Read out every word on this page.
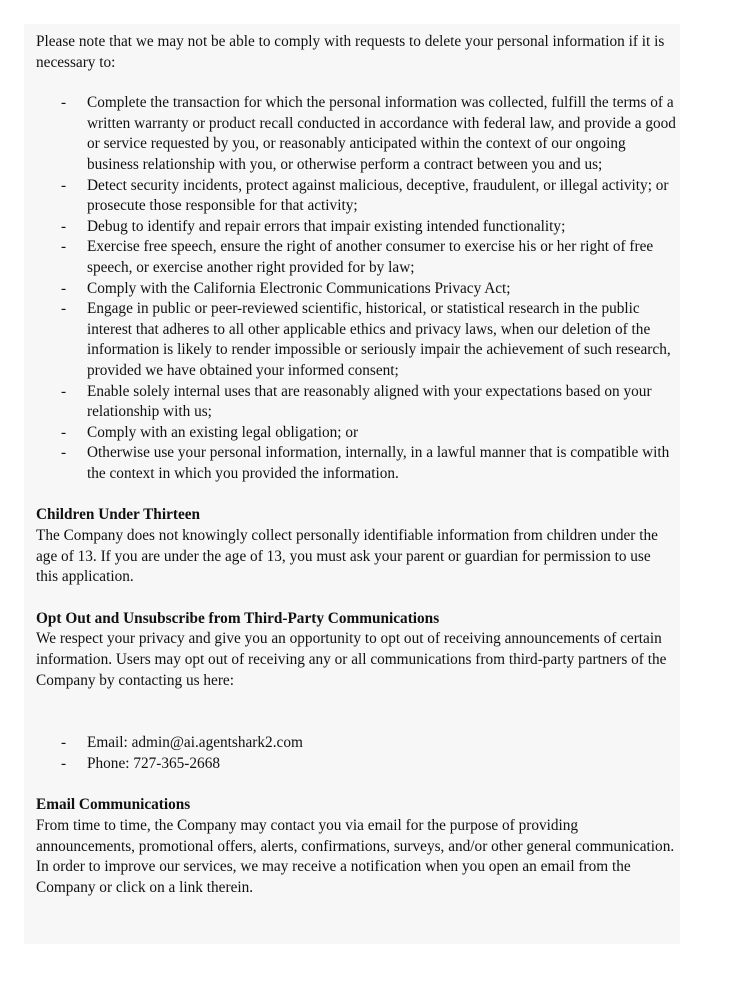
Please note that we may not be able to comply with requests to delete your personal information if it is necessary to:

- Complete the transaction for which the personal information was collected, fulfill the terms of a written warranty or product recall conducted in accordance with federal law, and provide a good or service requested by you, or reasonably anticipated within the context of our ongoing business relationship with you, or otherwise perform a contract between you and us;
- Detect security incidents, protect against malicious, deceptive, fraudulent, or illegal activity; or prosecute those responsible for that activity;
- Debug to identify and repair errors that impair existing intended functionality;
- Exercise free speech, ensure the right of another consumer to exercise his or her right of free speech, or exercise another right provided for by law;
- Comply with the California Electronic Communications Privacy Act;
- Engage in public or peer-reviewed scientific, historical, or statistical research in the public interest that adheres to all other applicable ethics and privacy laws, when our deletion of the information is likely to render impossible or seriously impair the achievement of such research, provided we have obtained your informed consent;
- Enable solely internal uses that are reasonably aligned with your expectations based on your relationship with us;
- Comply with an existing legal obligation; or
- Otherwise use your personal information, internally, in a lawful manner that is compatible with the context in which you provided the information.

Children Under Thirteen

The Company does not knowingly collect personally identifiable information from children under the age of 13. If you are under the age of 13, you must ask your parent or guardian for permission to use this application.

Opt Out and Unsubscribe from Third-Party Communications

We respect your privacy and give you an opportunity to opt out of receiving announcements of certain information. Users may opt out of receiving any or all communications from third-party partners of the Company by contacting us here:

- Email: admin@ai.agentshark2.com
- Phone: 727-365-2668

Email Communications

From time to time, the Company may contact you via email for the purpose of providing announcements, promotional offers, alerts, confirmations, surveys, and/or other general communication. In order to improve our services, we may receive a notification when you open an email from the Company or click on a link therein.
